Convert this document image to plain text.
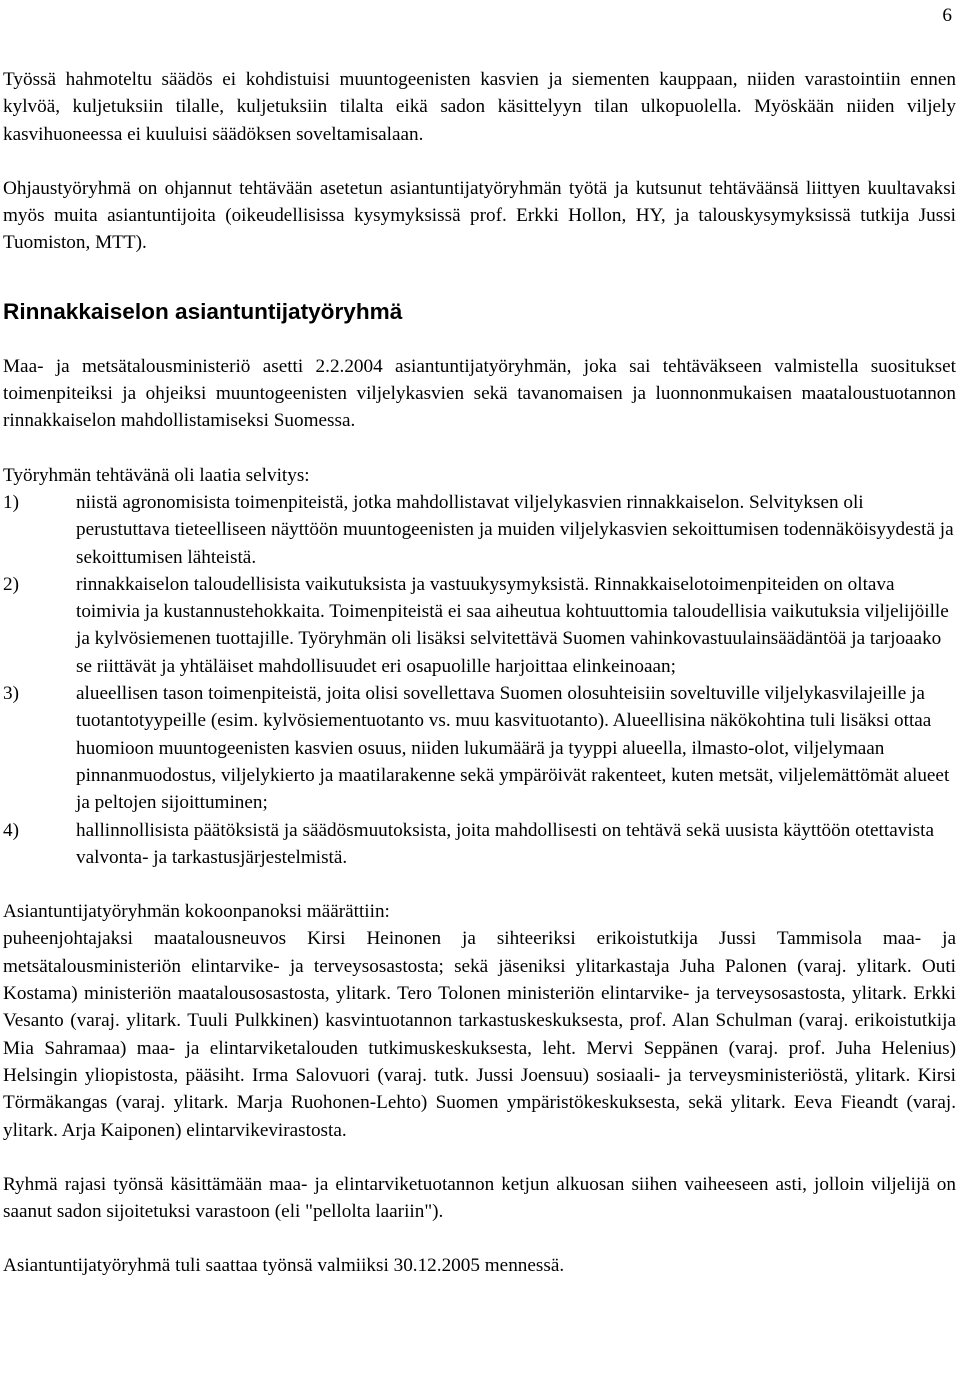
6

Työssä hahmoteltu säädös ei kohdistuisi muuntogeenisten kasvien ja siementen kauppaan, niiden varastointiin ennen kylvöä, kuljetuksiin tilalle, kuljetuksiin tilalta eikä sadon käsittelyyn tilan ulkopuolella. Myöskään niiden viljely kasvihuoneessa ei kuuluisi säädöksen soveltamisalaan.

Ohjaustyöryhmä on ohjannut tehtävään asetetun asiantuntijatyöryhmän työtä ja kutsunut tehtäväänsä liittyen kuultavaksi myös muita asiantuntijoita (oikeudellisissa kysymyksissä prof. Erkki Hollon, HY, ja talouskysymyksissä tutkija Jussi Tuomiston, MTT).

Rinnakkaiselon asiantuntijatyöryhmä

Maa- ja metsätalousministeriö asetti 2.2.2004 asiantuntijatyöryhmän, joka sai tehtäväkseen valmistella suositukset toimenpiteiksi ja ohjeiksi muuntogeenisten viljelykasvien sekä tavanomaisen ja luonnonmukaisen maataloustuotannon rinnakkaiselon mahdollistamiseksi Suomessa.

Työryhmän tehtävänä oli laatia selvitys:

1)	niistä agronomisista toimenpiteistä, jotka mahdollistavat viljelykasvien rinnakkaiselon. Selvityksen oli perustuttava tieteelliseen näyttöön muuntogeenisten ja muiden viljelykasvien sekoittumisen todennäköisyydestä ja sekoittumisen lähteistä.

2)	rinnakkaiselon taloudellisista vaikutuksista ja vastuukysymyksistä. Rinnakkaiselotoimenpiteiden on oltava toimivia ja kustannustehokkaita. Toimenpiteistä ei saa aiheutua kohtuuttomia taloudellisia vaikutuksia viljelijöille ja kylvösiemenen tuottajille. Työryhmän oli lisäksi selvitettävä Suomen vahinkovastuulainsäädäntöä ja tarjoaako se riittävät ja yhtäläiset mahdollisuudet eri osapuolille harjoittaa elinkeinoaan;

3)	alueellisen tason toimenpiteistä, joita olisi sovellettava Suomen olosuhteisiin soveltuville viljelykasvilajeille ja tuotantotyypeille (esim. kylvösiementuotanto vs. muu kasvituotanto). Alueellisina näkökohtina tuli lisäksi ottaa huomioon muuntogeenisten kasvien osuus, niiden lukumäärä ja tyyppi alueella, ilmasto-olot, viljelymaan pinnanmuodostus, viljelykierto ja maatilarakenne sekä ympäröivät rakenteet, kuten metsät, viljelemättömät alueet ja peltojen sijoittuminen;

4)	hallinnollisista päätöksistä ja säädösmuutoksista, joita mahdollisesti on tehtävä sekä uusista käyttöön otettavista valvonta- ja tarkastusjärjestelmistä.

Asiantuntijatyöryhmän kokoonpanoksi määrättiin:

puheenjohtajaksi maatalousneuvos Kirsi Heinonen ja sihteeriksi erikoistutkija Jussi Tammisola maa- ja metsätalousministeriön elintarvike- ja terveysosastosta; sekä jäseniksi ylitarkastaja Juha Palonen (varaj. ylitark. Outi Kostama) ministeriön maatalousosastosta, ylitark. Tero Tolonen ministeriön elintarvike- ja terveysosastosta, ylitark. Erkki Vesanto (varaj. ylitark. Tuuli Pulkkinen) kasvintuotannon tarkastuskeskuksesta, prof. Alan Schulman (varaj. erikoistutkija Mia Sahramaa) maa- ja elintarviketalouden tutkimuskeskuksesta, leht. Mervi Seppänen (varaj. prof. Juha Helenius) Helsingin yliopistosta, pääsiht. Irma Salovuori (varaj. tutk. Jussi Joensuu) sosiaali- ja terveysministeriöstä, ylitark. Kirsi Törmäkangas (varaj. ylitark. Marja Ruohonen-Lehto) Suomen ympäristökeskuksesta, sekä ylitark. Eeva Fieandt (varaj. ylitark. Arja Kaiponen) elintarvikevirastosta.

Ryhmä rajasi työnsä käsittämään maa- ja elintarviketuotannon ketjun alkuosan siihen vaiheeseen asti, jolloin viljelijä on saanut sadon sijoitetuksi varastoon (eli "pellolta laariin").

Asiantuntijatyöryhmä tuli saattaa työnsä valmiiksi 30.12.2005 mennessä.
